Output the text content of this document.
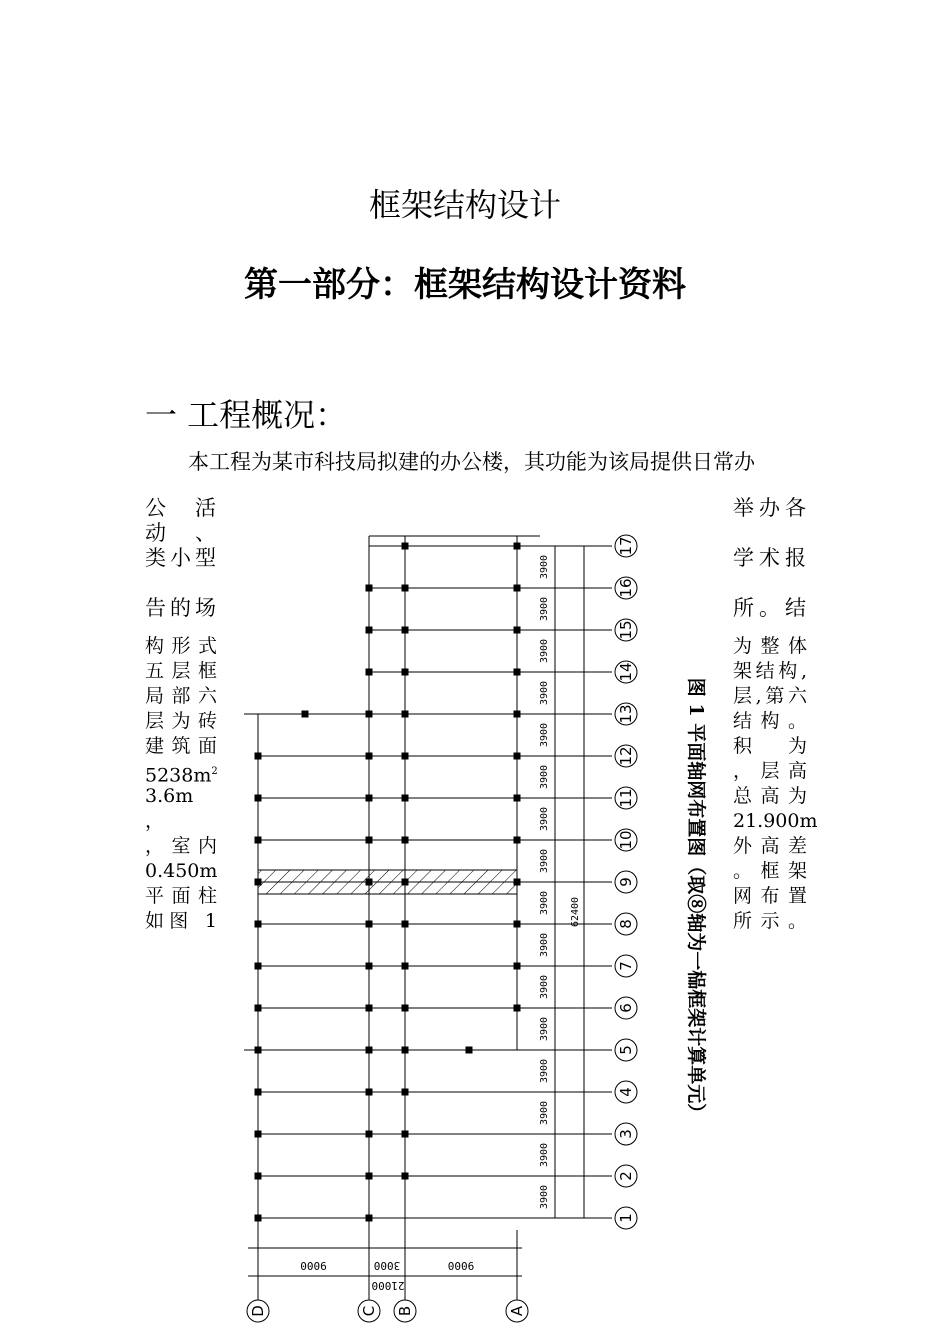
框架结构设计
第一部分：框架结构设计资料
一 工程概况：
本工程为某市科技局拟建的办公楼，其功能为该局提供日常办
3900
3900
3900
3900
3900
3900
3900
3900
3900
3900
3900
3900
3900
3900
3900
3900
62400
17
16
15
14
13
12
11
10
9
8
7
6
5
4
3
2
1
9000	3000	9000
21000
D	C B	A
图 1 平面轴网布置图（取⑧轴为一榀框架计算单元）
公活动、
类小型
告的场
构形式
五层框
局部六
层为砖
建筑面
$5238m^2$
3.6m ，
，室内
0.450m
平面柱
如图 1
举办各
学术报
所。结
为整体
架结构,
层,第六
结构。
积 为
，层高
总高为
21.900m
外高差
。框架
网布置
所示。
